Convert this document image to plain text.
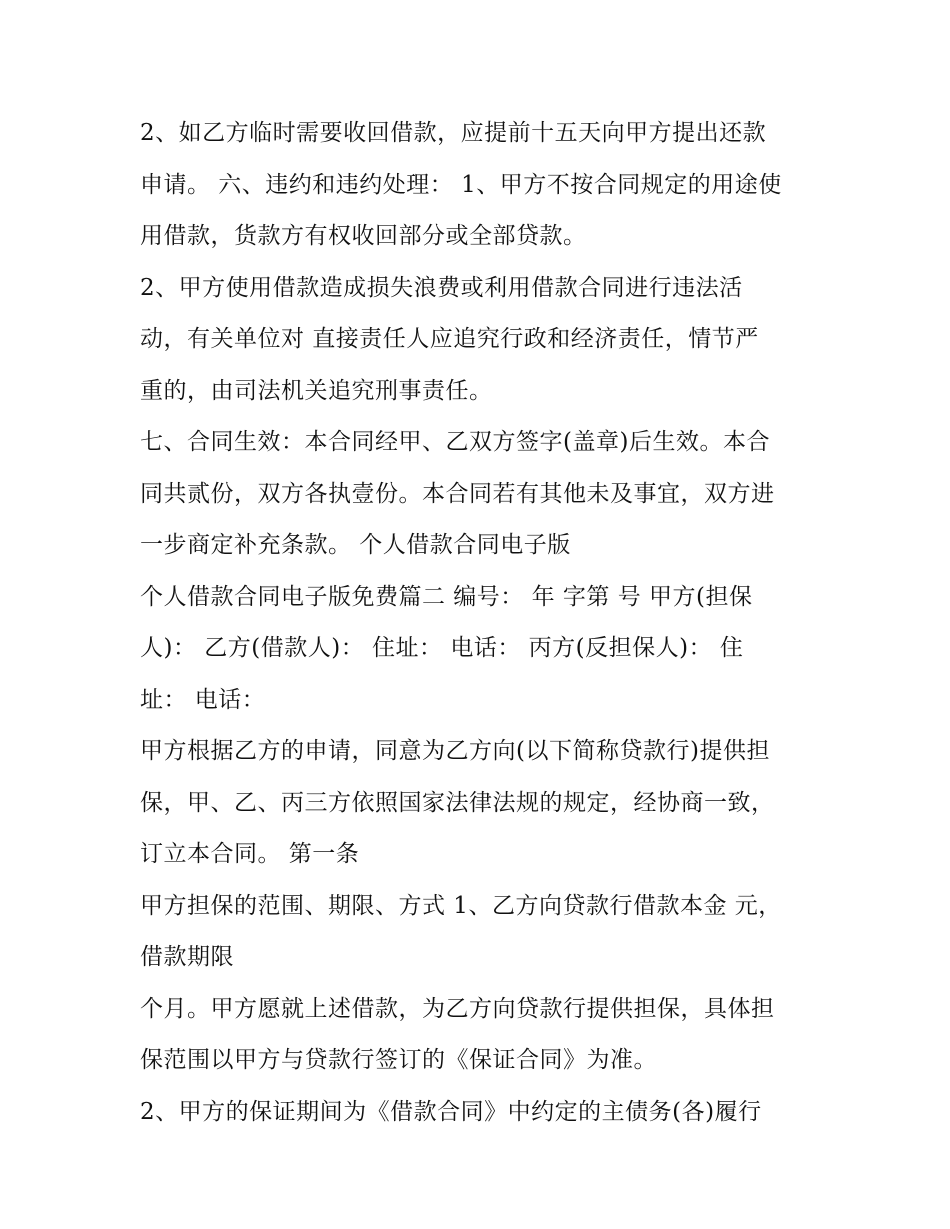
2、如乙方临时需要收回借款，应提前十五天向甲方提出还款
申请。 六、违约和违约处理： 1、甲方不按合同规定的用途使
用借款，货款方有权收回部分或全部贷款。
2、甲方使用借款造成损失浪费或利用借款合同进行违法活
动，有关单位对 直接责任人应追究行政和经济责任，情节严
重的，由司法机关追究刑事责任。
七、合同生效：本合同经甲、乙双方签字(盖章)后生效。本合
同共贰份，双方各执壹份。本合同若有其他未及事宜，双方进
一步商定补充条款。 个人借款合同电子版
个人借款合同电子版免费篇二 编号： 年 字第 号 甲方(担保
人)： 乙方(借款人)： 住址： 电话： 丙方(反担保人)： 住
址： 电话：
甲方根据乙方的申请，同意为乙方向(以下简称贷款行)提供担
保，甲、乙、丙三方依照国家法律法规的规定，经协商一致，
订立本合同。 第一条
甲方担保的范围、期限、方式 1、乙方向贷款行借款本金 元，
借款期限
个月。甲方愿就上述借款，为乙方向贷款行提供担保，具体担
保范围以甲方与贷款行签订的《保证合同》为准。
2、甲方的保证期间为《借款合同》中约定的主债务(各)履行
